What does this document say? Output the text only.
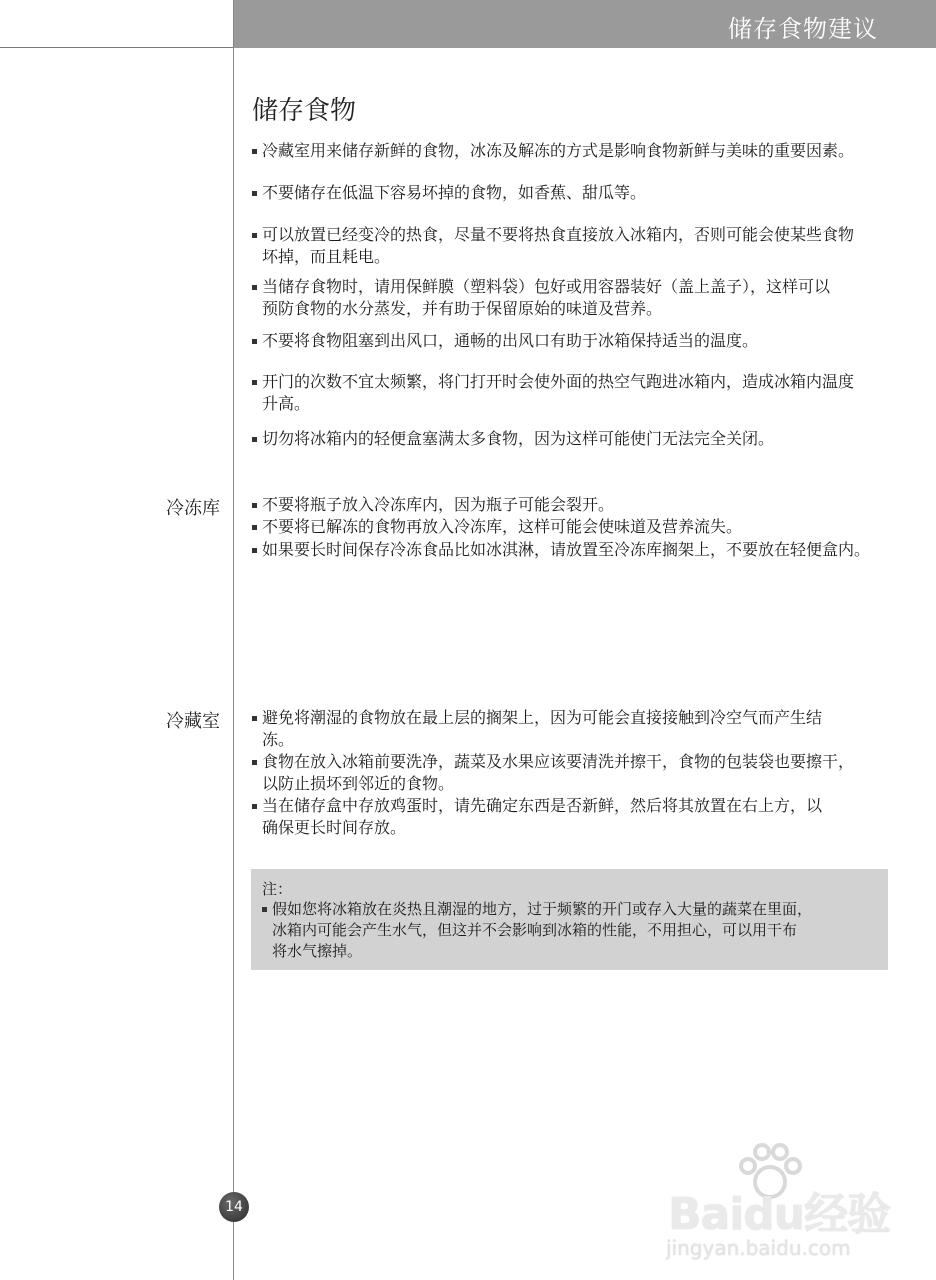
储存食物建议
储存食物
冷藏室用来储存新鲜的食物，冰冻及解冻的方式是影响食物新鲜与美味的重要因素。
不要储存在低温下容易坏掉的食物，如香蕉、甜瓜等。
可以放置已经变冷的热食，尽量不要将热食直接放入冰箱内，否则可能会使某些食物
坏掉，而且耗电。
当储存食物时，请用保鲜膜（塑料袋）包好或用容器装好（盖上盖子），这样可以
预防食物的水分蒸发，并有助于保留原始的味道及营养。
不要将食物阻塞到出风口，通畅的出风口有助于冰箱保持适当的温度。
开门的次数不宜太频繁，将门打开时会使外面的热空气跑进冰箱内，造成冰箱内温度
升高。
切勿将冰箱内的轻便盒塞满太多食物，因为这样可能使门无法完全关闭。
冷冻库	不要将瓶子放入冷冻库内，因为瓶子可能会裂开。
不要将已解冻的食物再放入冷冻库，这样可能会使味道及营养流失。
如果要长时间保存冷冻食品比如冰淇淋，请放置至冷冻库搁架上，不要放在轻便盒内。
冷藏室	避免将潮湿的食物放在最上层的搁架上，因为可能会直接接触到冷空气而产生结
冻。
食物在放入冰箱前要洗净，蔬菜及水果应该要清洗并擦干，食物的包装袋也要擦干，
以防止损坏到邻近的食物。
当在储存盒中存放鸡蛋时，请先确定东西是否新鲜，然后将其放置在右上方，以
确保更长时间存放。
注：
假如您将冰箱放在炎热且潮湿的地方，过于频繁的开门或存入大量的蔬菜在里面，
冰箱内可能会产生水气，但这并不会影响到冰箱的性能，不用担心，可以用干布
将水气擦掉。
14	Baidu经验
jingyan.baidu.com
